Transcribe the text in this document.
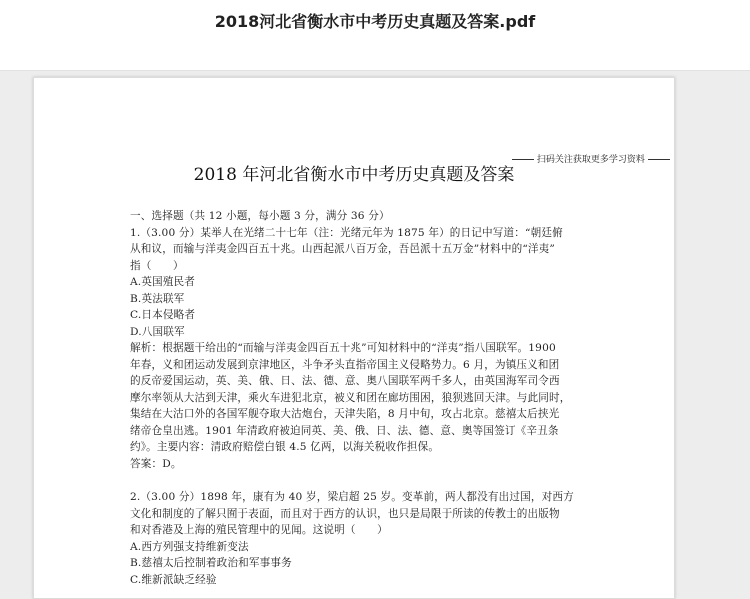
2018河北省衡水市中考历史真题及答案.pdf
扫码关注获取更多学习资料
2018 年河北省衡水市中考历史真题及答案
一、选择题（共 12 小题，每小题 3 分，满分 36 分）
1.（3.00 分）某举人在光绪二十七年（注：光绪元年为 1875 年）的日记中写道：“朝廷俯
从和议，而输与洋夷金四百五十兆。山西起派八百万金，吾邑派十五万金”材料中的“洋夷”
指（　　）
A.英国殖民者
B.英法联军
C.日本侵略者
D.八国联军
解析：根据题干给出的“而输与洋夷金四百五十兆”可知材料中的“洋夷”指八国联军。1900
年春，义和团运动发展到京津地区，斗争矛头直指帝国主义侵略势力。6 月，为镇压义和团
的反帝爱国运动，英、美、俄、日、法、德、意、奥八国联军两千多人，由英国海军司令西
摩尔率领从大沽到天津，乘火车进犯北京，被义和团在廊坊围困，狼狈逃回天津。与此同时，
集结在大沽口外的各国军舰夺取大沽炮台，天津失陷，8 月中旬，攻占北京。慈禧太后挟光
绪帝仓皇出逃。1901 年清政府被迫同英、美、俄、日、法、德、意、奥等国签订《辛丑条
约》。主要内容：清政府赔偿白银 4.5 亿两，以海关税收作担保。
答案：D。
2.（3.00 分）1898 年，康有为 40 岁，梁启超 25 岁。变革前，两人都没有出过国，对西方
文化和制度的了解只囿于表面，而且对于西方的认识，也只是局限于所读的传教士的出版物
和对香港及上海的殖民管理中的见闻。这说明（　　）
A.西方列强支持维新变法
B.慈禧太后控制着政治和军事事务
C.维新派缺乏经验
